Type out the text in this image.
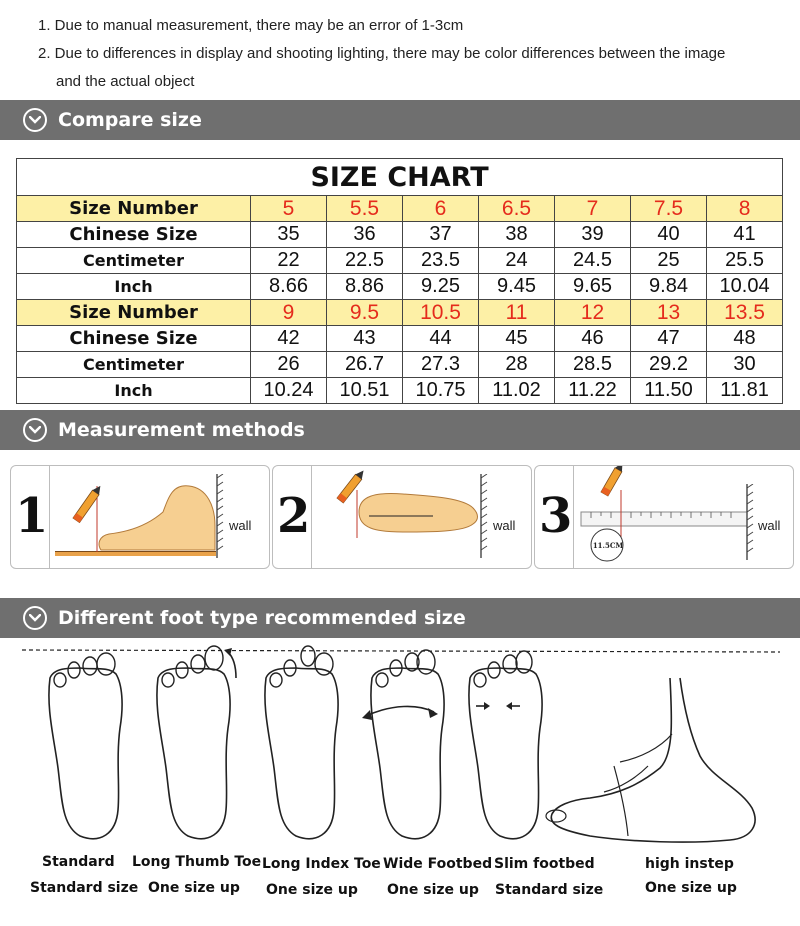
1. Due to manual measurement, there may be an error of 1-3cm
2. Due to differences in display and shooting lighting, there may be color differences between the image
and the actual object
Compare size
SIZE CHART							
Size Number	5	5.5	6	6.5	7	7.5	8
Chinese Size	35	36	37	38	39	40	41
Centimeter	22	22.5	23.5	24	24.5	25	25.5
Inch	8.66	8.86	9.25	9.45	9.65	9.84	10.04
Size Number	9	9.5	10.5	11	12	13	13.5
Chinese Size	42	43	44	45	46	47	48
Centimeter	26	26.7	27.3	28	28.5	29.2	30
Inch	10.24	10.51	10.75	11.02	11.22	11.50	11.81
Measurement methods
1	wall 2	wall 3
11.5CM
wall
Different foot type recommended size
Standard
Standard size
Long Thumb Toe
One size up
Long Index Toe
One size up
Wide Footbed
One size up
Slim footbed
Standard size
high instep
One size up
